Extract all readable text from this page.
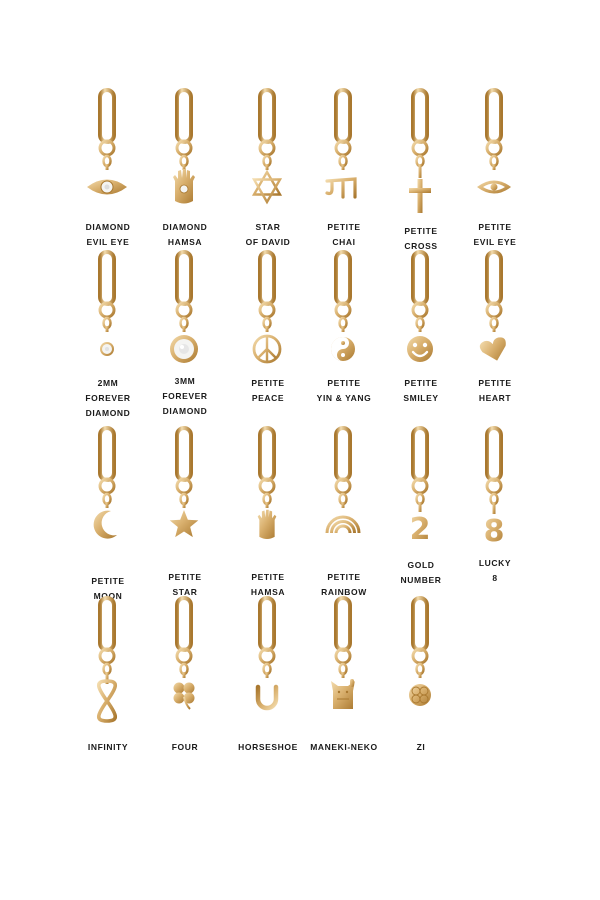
DIAMOND
EVIL EYE
DIAMOND
HAMSA
STAR
OF DAVID
PETITE
CHAI
PETITE
CROSS
PETITE
EVIL EYE
2MM
FOREVER
DIAMOND
3MM
FOREVER
DIAMOND
PETITE
PEACE
PETITE
YIN & YANG
PETITE
SMILEY
PETITE
HEART
PETITE
MOON
PETITE
STAR
PETITE
HAMSA
PETITE
RAINBOW
2
GOLD
NUMBER
8
LUCKY
8
INFINITY	FOUR	HORSESHOE	MANEKI-NEKO	ZI
